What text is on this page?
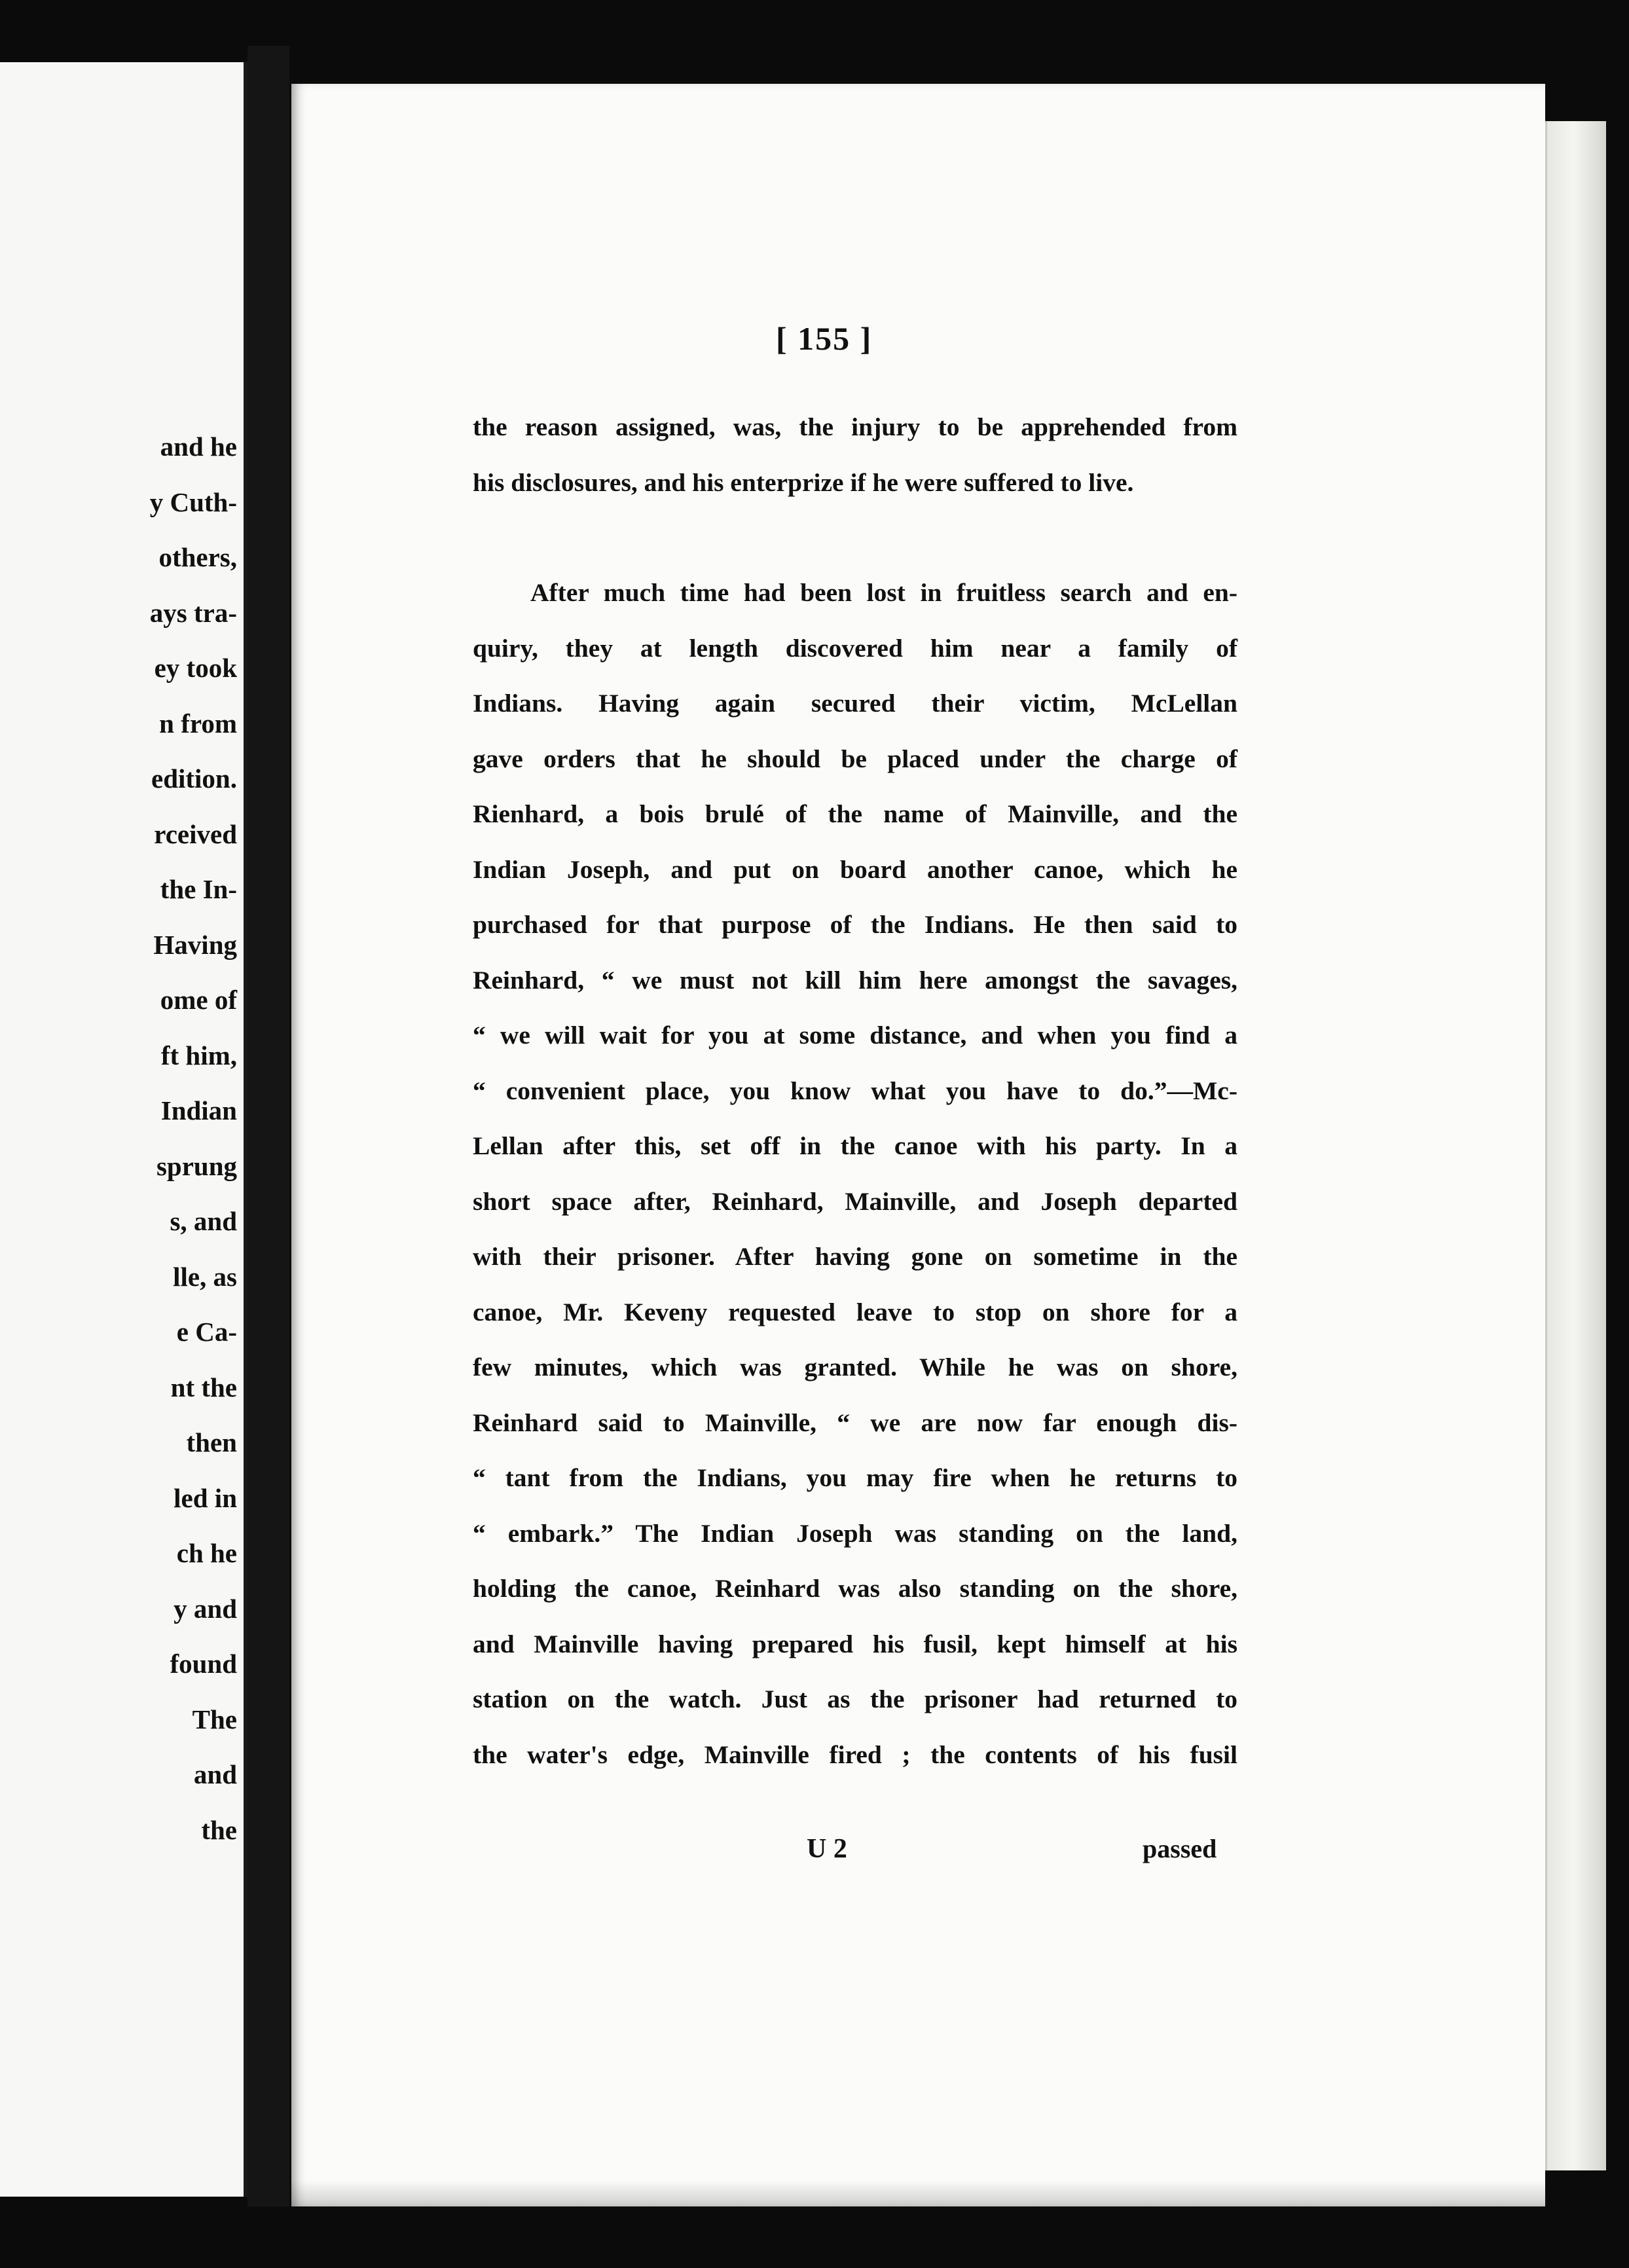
and he
y Cuth-
others,
ays tra-
ey took
n from
edition.
rceived
the In-
Having
ome of
ft him,
Indian
sprung
s, and
lle, as
e Ca-
nt the
then
led in
ch he
y and
found
The
and
the
[ 155 ]
the reason assigned, was, the injury to be apprehended from
his disclosures, and his enterprize if he were suffered to live.
After much time had been lost in fruitless search and en-
quiry, they at length discovered him near a family of
Indians. Having again secured their victim, McLellan
gave orders that he should be placed under the charge of
Rienhard, a bois brulé of the name of Mainville, and the
Indian Joseph, and put on board another canoe, which he
purchased for that purpose of the Indians. He then said to
Reinhard, “ we must not kill him here amongst the savages,
“ we will wait for you at some distance, and when you find a
“ convenient place, you know what you have to do.”—Mc-
Lellan after this, set off in the canoe with his party. In a
short space after, Reinhard, Mainville, and Joseph departed
with their prisoner. After having gone on sometime in the
canoe, Mr. Keveny requested leave to stop on shore for a
few minutes, which was granted. While he was on shore,
Reinhard said to Mainville, “ we are now far enough dis-
“ tant from the Indians, you may fire when he returns to
“ embark.” The Indian Joseph was standing on the land,
holding the canoe, Reinhard was also standing on the shore,
and Mainville having prepared his fusil, kept himself at his
station on the watch. Just as the prisoner had returned to
the water's edge, Mainville fired ; the contents of his fusil
U 2	passed
